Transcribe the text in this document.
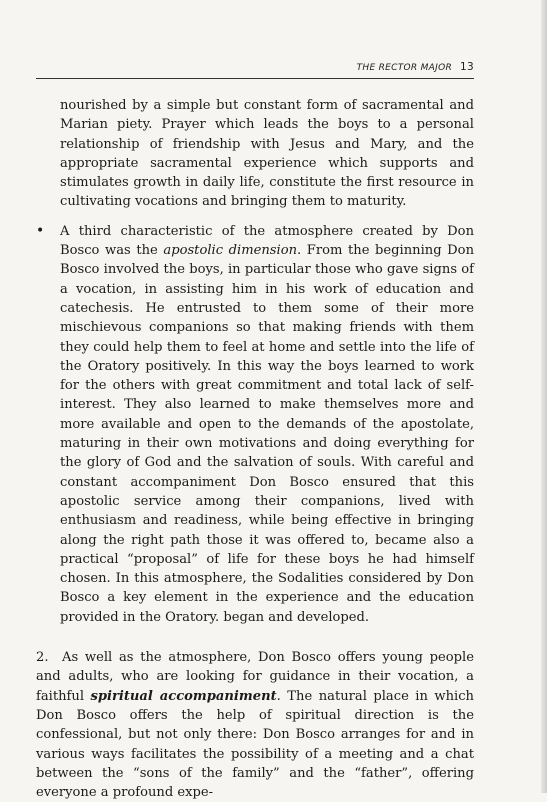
THE RECTOR MAJOR 13

nourished by a simple but constant form of sacramental and Marian piety. Prayer which leads the boys to a personal relationship of friendship with Jesus and Mary, and the appropriate sacramental experience which supports and stimulates growth in daily life, constitute the first resource in cultivating vocations and bringing them to maturity.

• A third characteristic of the atmosphere created by Don Bosco was the apostolic dimension. From the beginning Don Bosco involved the boys, in particular those who gave signs of a vocation, in assisting him in his work of education and catechesis. He entrusted to them some of their more mischievous companions so that making friends with them they could help them to feel at home and settle into the life of the Oratory positively. In this way the boys learned to work for the others with great commitment and total lack of self-interest. They also learned to make themselves more and more available and open to the demands of the apostolate, maturing in their own motivations and doing everything for the glory of God and the salvation of souls. With careful and constant accompaniment Don Bosco ensured that this apostolic service among their companions, lived with enthusiasm and readiness, while being effective in bringing along the right path those it was offered to, became also a practical “proposal” of life for these boys he had himself chosen. In this atmosphere, the Sodalities considered by Don Bosco a key element in the experience and the education provided in the Oratory. began and developed.

2. As well as the atmosphere, Don Bosco offers young people and adults, who are looking for guidance in their vocation, a faithful spiritual accompaniment. The natural place in which Don Bosco offers the help of spiritual direction is the confessional, but not only there: Don Bosco arranges for and in various ways facilitates the possibility of a meeting and a chat between the “sons of the family” and the “father”, offering everyone a profound expe-
